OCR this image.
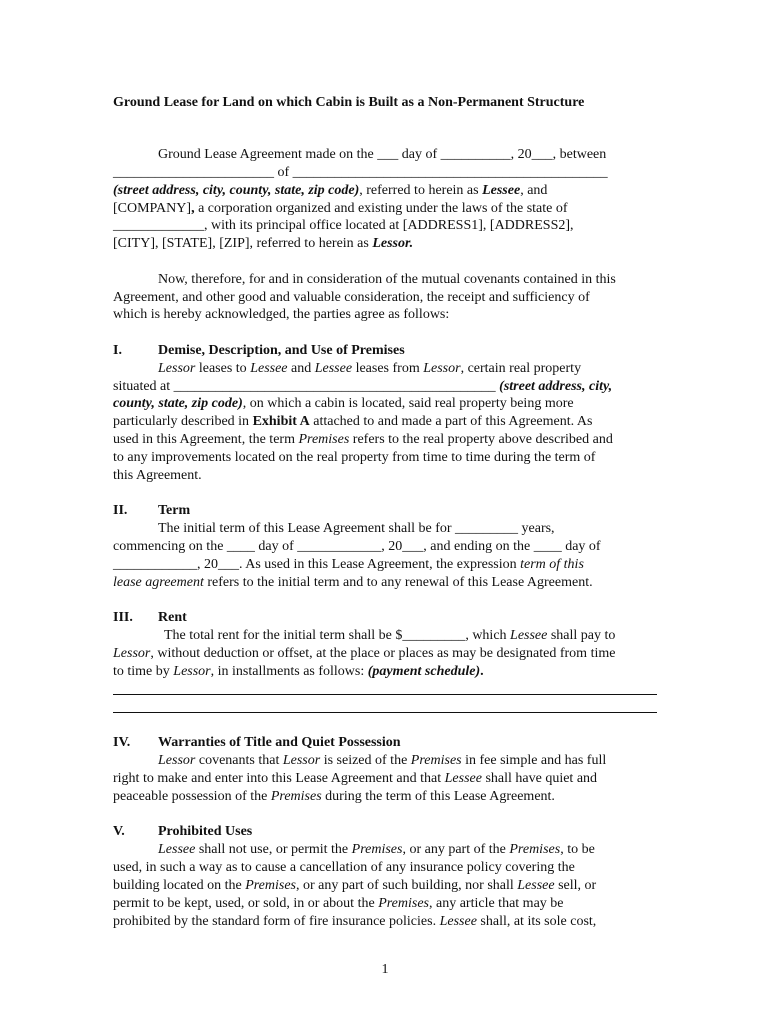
Ground Lease for Land on which Cabin is Built as a Non-Permanent Structure
Ground Lease Agreement made on the ___ day of __________, 20___, between
_______________________ of _____________________________________________
(street address, city, county, state, zip code), referred to herein as Lessee, and
[COMPANY], a corporation organized and existing under the laws of the state of
_____________, with its principal office located at [ADDRESS1], [ADDRESS2],
[CITY], [STATE], [ZIP], referred to herein as Lessor.
Now, therefore, for and in consideration of the mutual covenants contained in this
Agreement, and other good and valuable consideration, the receipt and sufficiency of
which is hereby acknowledged, the parties agree as follows:
I.	Demise, Description, and Use of Premises
Lessor leases to Lessee and Lessee leases from Lessor, certain real property
situated at ______________________________________________ (street address, city,
county, state, zip code), on which a cabin is located, said real property being more
particularly described in Exhibit A attached to and made a part of this Agreement. As
used in this Agreement, the term Premises refers to the real property above described and
to any improvements located on the real property from time to time during the term of
this Agreement.
II. Term
The initial term of this Lease Agreement shall be for _________ years,
commencing on the ____ day of ____________, 20___, and ending on the ____ day of
____________, 20___. As used in this Lease Agreement, the expression term of this
lease agreement refers to the initial term and to any renewal of this Lease Agreement.
III. Rent
The total rent for the initial term shall be $_________, which Lessee shall pay to
Lessor, without deduction or offset, at the place or places as may be designated from time
to time by Lessor, in installments as follows: (payment schedule).
IV. Warranties of Title and Quiet Possession
Lessor covenants that Lessor is seized of the Premises in fee simple and has full
right to make and enter into this Lease Agreement and that Lessee shall have quiet and
peaceable possession of the Premises during the term of this Lease Agreement.
V. Prohibited Uses
Lessee shall not use, or permit the Premises, or any part of the Premises, to be
used, in such a way as to cause a cancellation of any insurance policy covering the
building located on the Premises, or any part of such building, nor shall Lessee sell, or
permit to be kept, used, or sold, in or about the Premises, any article that may be
prohibited by the standard form of fire insurance policies. Lessee shall, at its sole cost,
1
